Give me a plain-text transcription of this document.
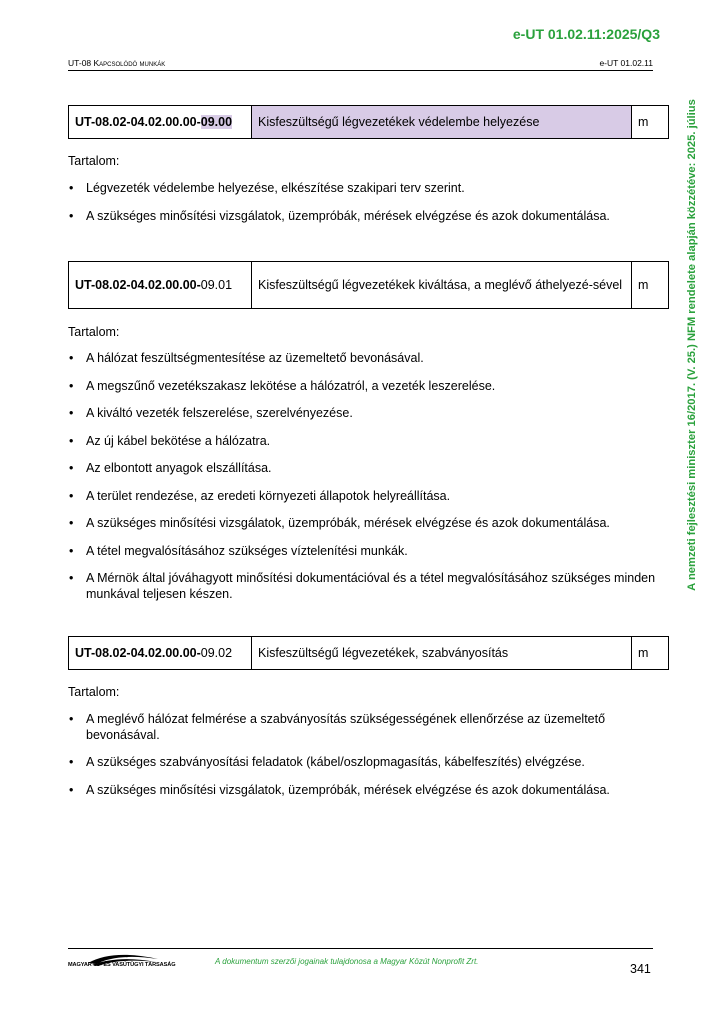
e-UT 01.02.11:2025/Q3
UT-08 Kapcsolódó munkák	e-UT 01.02.11
A nemzeti fejlesztési miniszter 16/2017. (V. 25.) NFM rendelete alapján közzétéve: 2025. július
UT-08.02-04.02.00.00-09.00	Kisfeszültségű légvezetékek védelembe helyezése	m
Tartalom:
• Légvezeték védelembe helyezése, elkészítése szakipari terv szerint.
• A szükséges minősítési vizsgálatok, üzempróbák, mérések elvégzése és azok dokumentálása.
UT-08.02-04.02.00.00-09.01	Kisfeszültségű légvezetékek kiváltása, a meglévő áthelyezé-sével	m
Tartalom:
• A hálózat feszültségmentesítése az üzemeltető bevonásával.
• A megszűnő vezetékszakasz lekötése a hálózatról, a vezeték leszerelése.
• A kiváltó vezeték felszerelése, szerelvényezése.
• Az új kábel bekötése a hálózatra.
• Az elbontott anyagok elszállítása.
• A terület rendezése, az eredeti környezeti állapotok helyreállítása.
• A szükséges minősítési vizsgálatok, üzempróbák, mérések elvégzése és azok dokumentálása.
• A tétel megvalósításához szükséges víztelenítési munkák.
• A Mérnök által jóváhagyott minősítési dokumentációval és a tétel megvalósításához szükséges minden munkával teljesen készen.
UT-08.02-04.02.00.00-09.02	Kisfeszültségű légvezetékek, szabványosítás	m
Tartalom:
• A meglévő hálózat felmérése a szabványosítás szükségességének ellenőrzése az üzemeltető bevonásával.
• A szükséges szabványosítási feladatok (kábel/oszlopmagasítás, kábelfeszítés) elvégzése.
• A szükséges minősítési vizsgálatok, üzempróbák, mérések elvégzése és azok dokumentálása.
MAGYAR ÚT- ÉS VASÚTÜGYI TÁRSASÁG	A dokumentum szerzői jogainak tulajdonosa a Magyar Közút Nonprofit Zrt.
341
